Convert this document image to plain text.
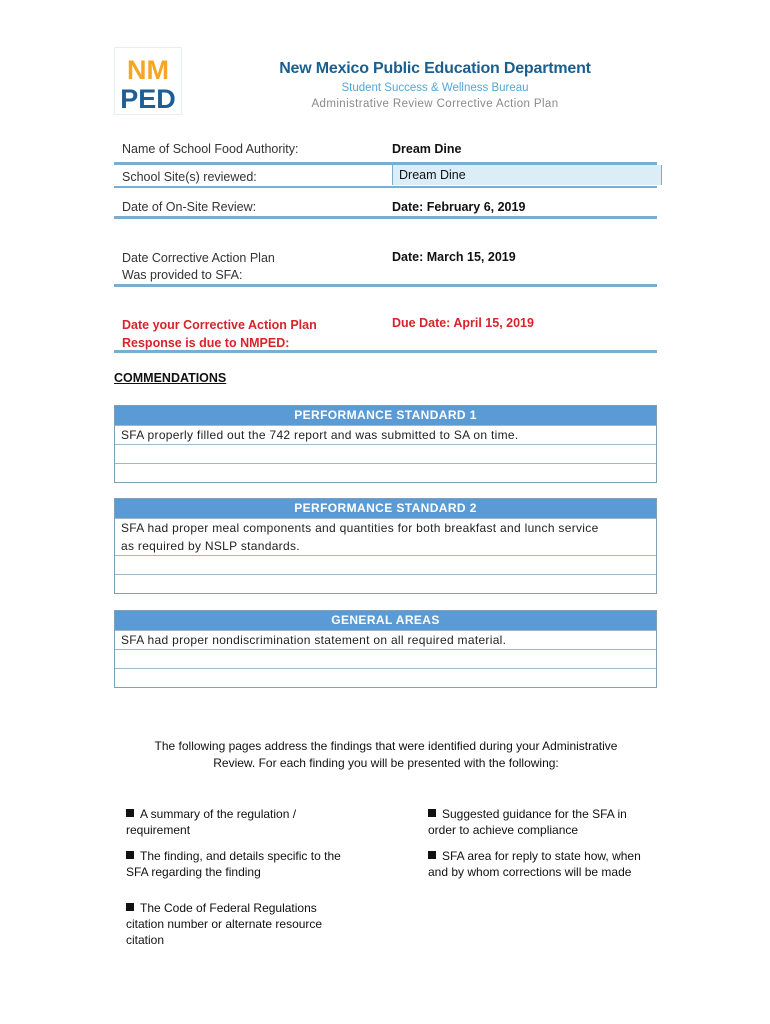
NM
PED
New Mexico Public Education Department
Student Success & Wellness Bureau
Administrative Review Corrective Action Plan
Name of School Food Authority:	Dream Dine
School Site(s) reviewed:	Dream Dine
Date of On-Site Review:	Date: February 6, 2019
Date Corrective Action Plan
Was provided to SFA:
Date: March 15, 2019
Date your Corrective Action Plan
Response is due to NMPED:
Due Date: April 15, 2019
COMMENDATIONS
PERFORMANCE STANDARD 1
SFA properly filled out the 742 report and was submitted to SA on time.
PERFORMANCE STANDARD 2
SFA had proper meal components and quantities for both breakfast and lunch service
as required by NSLP standards.
GENERAL AREAS
SFA had proper nondiscrimination statement on all required material.
The following pages address the findings that were identified during your Administrative
Review. For each finding you will be presented with the following:
A summary of the regulation /
requirement
Suggested guidance for the SFA in
order to achieve compliance
The finding, and details specific to the
SFA regarding the finding
SFA area for reply to state how, when
and by whom corrections will be made
The Code of Federal Regulations
citation number or alternate resource
citation
